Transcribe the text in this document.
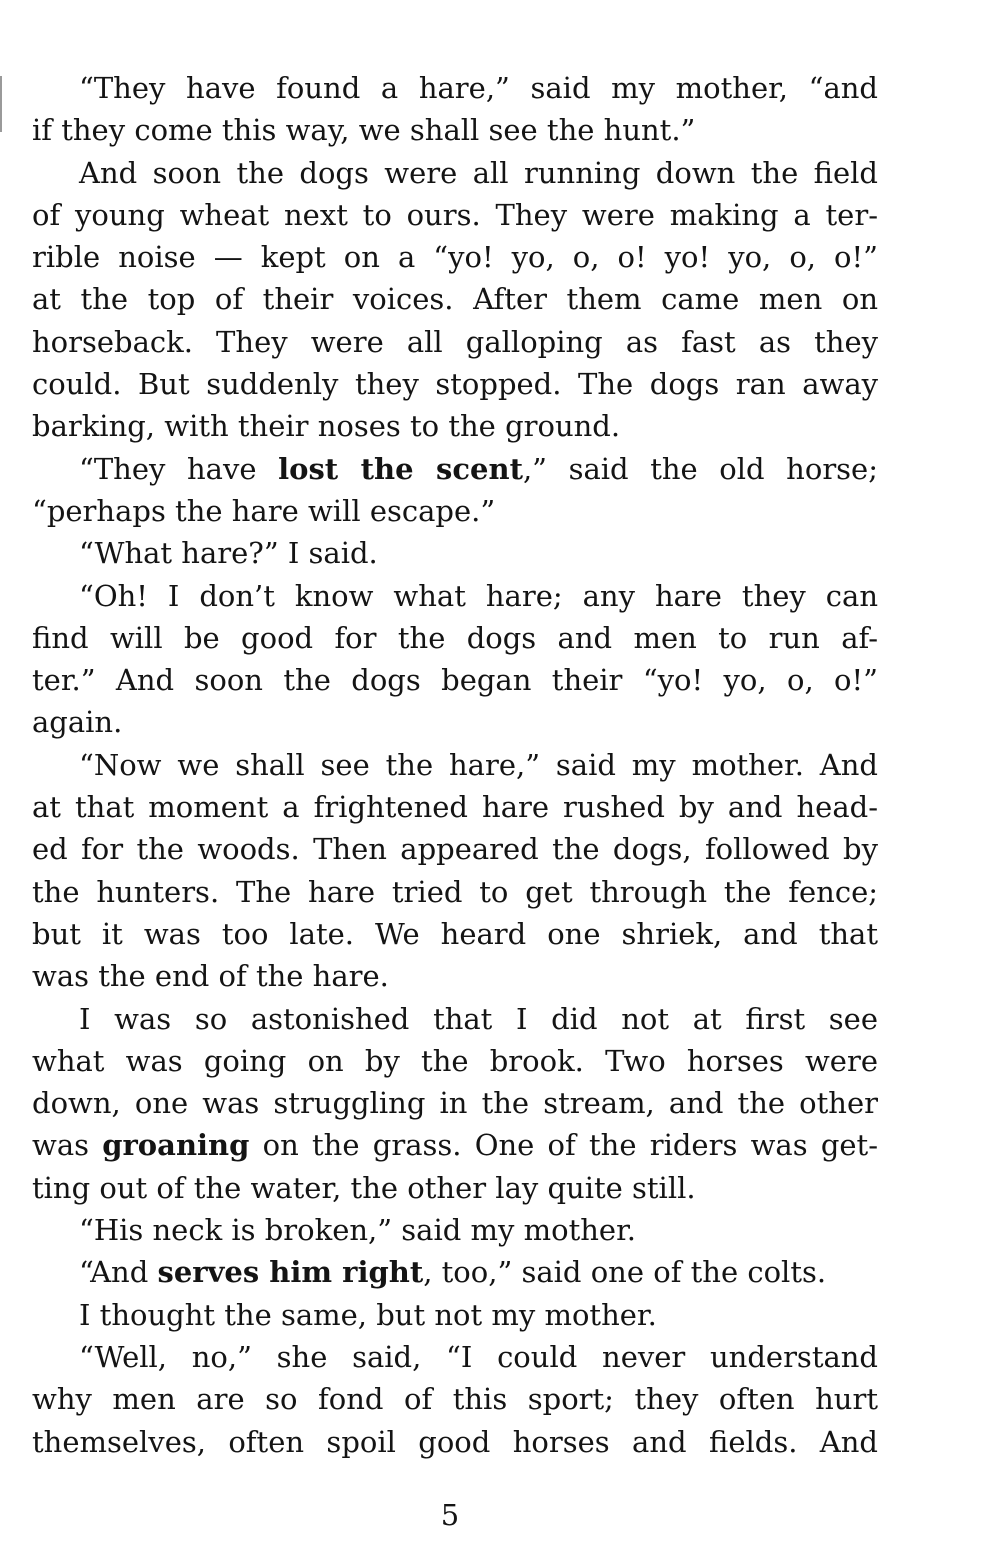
“They have found a hare,” said my mother, “and
if they come this way, we shall see the hunt.”
And soon the dogs were all running down the field
of young wheat next to ours. They were making a ter-
rible noise — kept on a “yo! yo, o, o! yo! yo, o, o!”
at the top of their voices. After them came men on
horseback. They were all galloping as fast as they
could. But suddenly they stopped. The dogs ran away
barking, with their noses to the ground.
“They have lost the scent,” said the old horse;
“perhaps the hare will escape.”
“What hare?” I said.
“Oh! I don’t know what hare; any hare they can
find will be good for the dogs and men to run af-
ter.” And soon the dogs began their “yo! yo, o, o!”
again.
“Now we shall see the hare,” said my mother. And
at that moment a frightened hare rushed by and head-
ed for the woods. Then appeared the dogs, followed by
the hunters. The hare tried to get through the fence;
but it was too late. We heard one shriek, and that
was the end of the hare.
I was so astonished that I did not at first see
what was going on by the brook. Two horses were
down, one was struggling in the stream, and the other
was groaning on the grass. One of the riders was get-
ting out of the water, the other lay quite still.
“His neck is broken,” said my mother.
“And serves him right, too,” said one of the colts.
I thought the same, but not my mother.
“Well, no,” she said, “I could never understand
why men are so fond of this sport; they often hurt
themselves, often spoil good horses and fields. And
5
